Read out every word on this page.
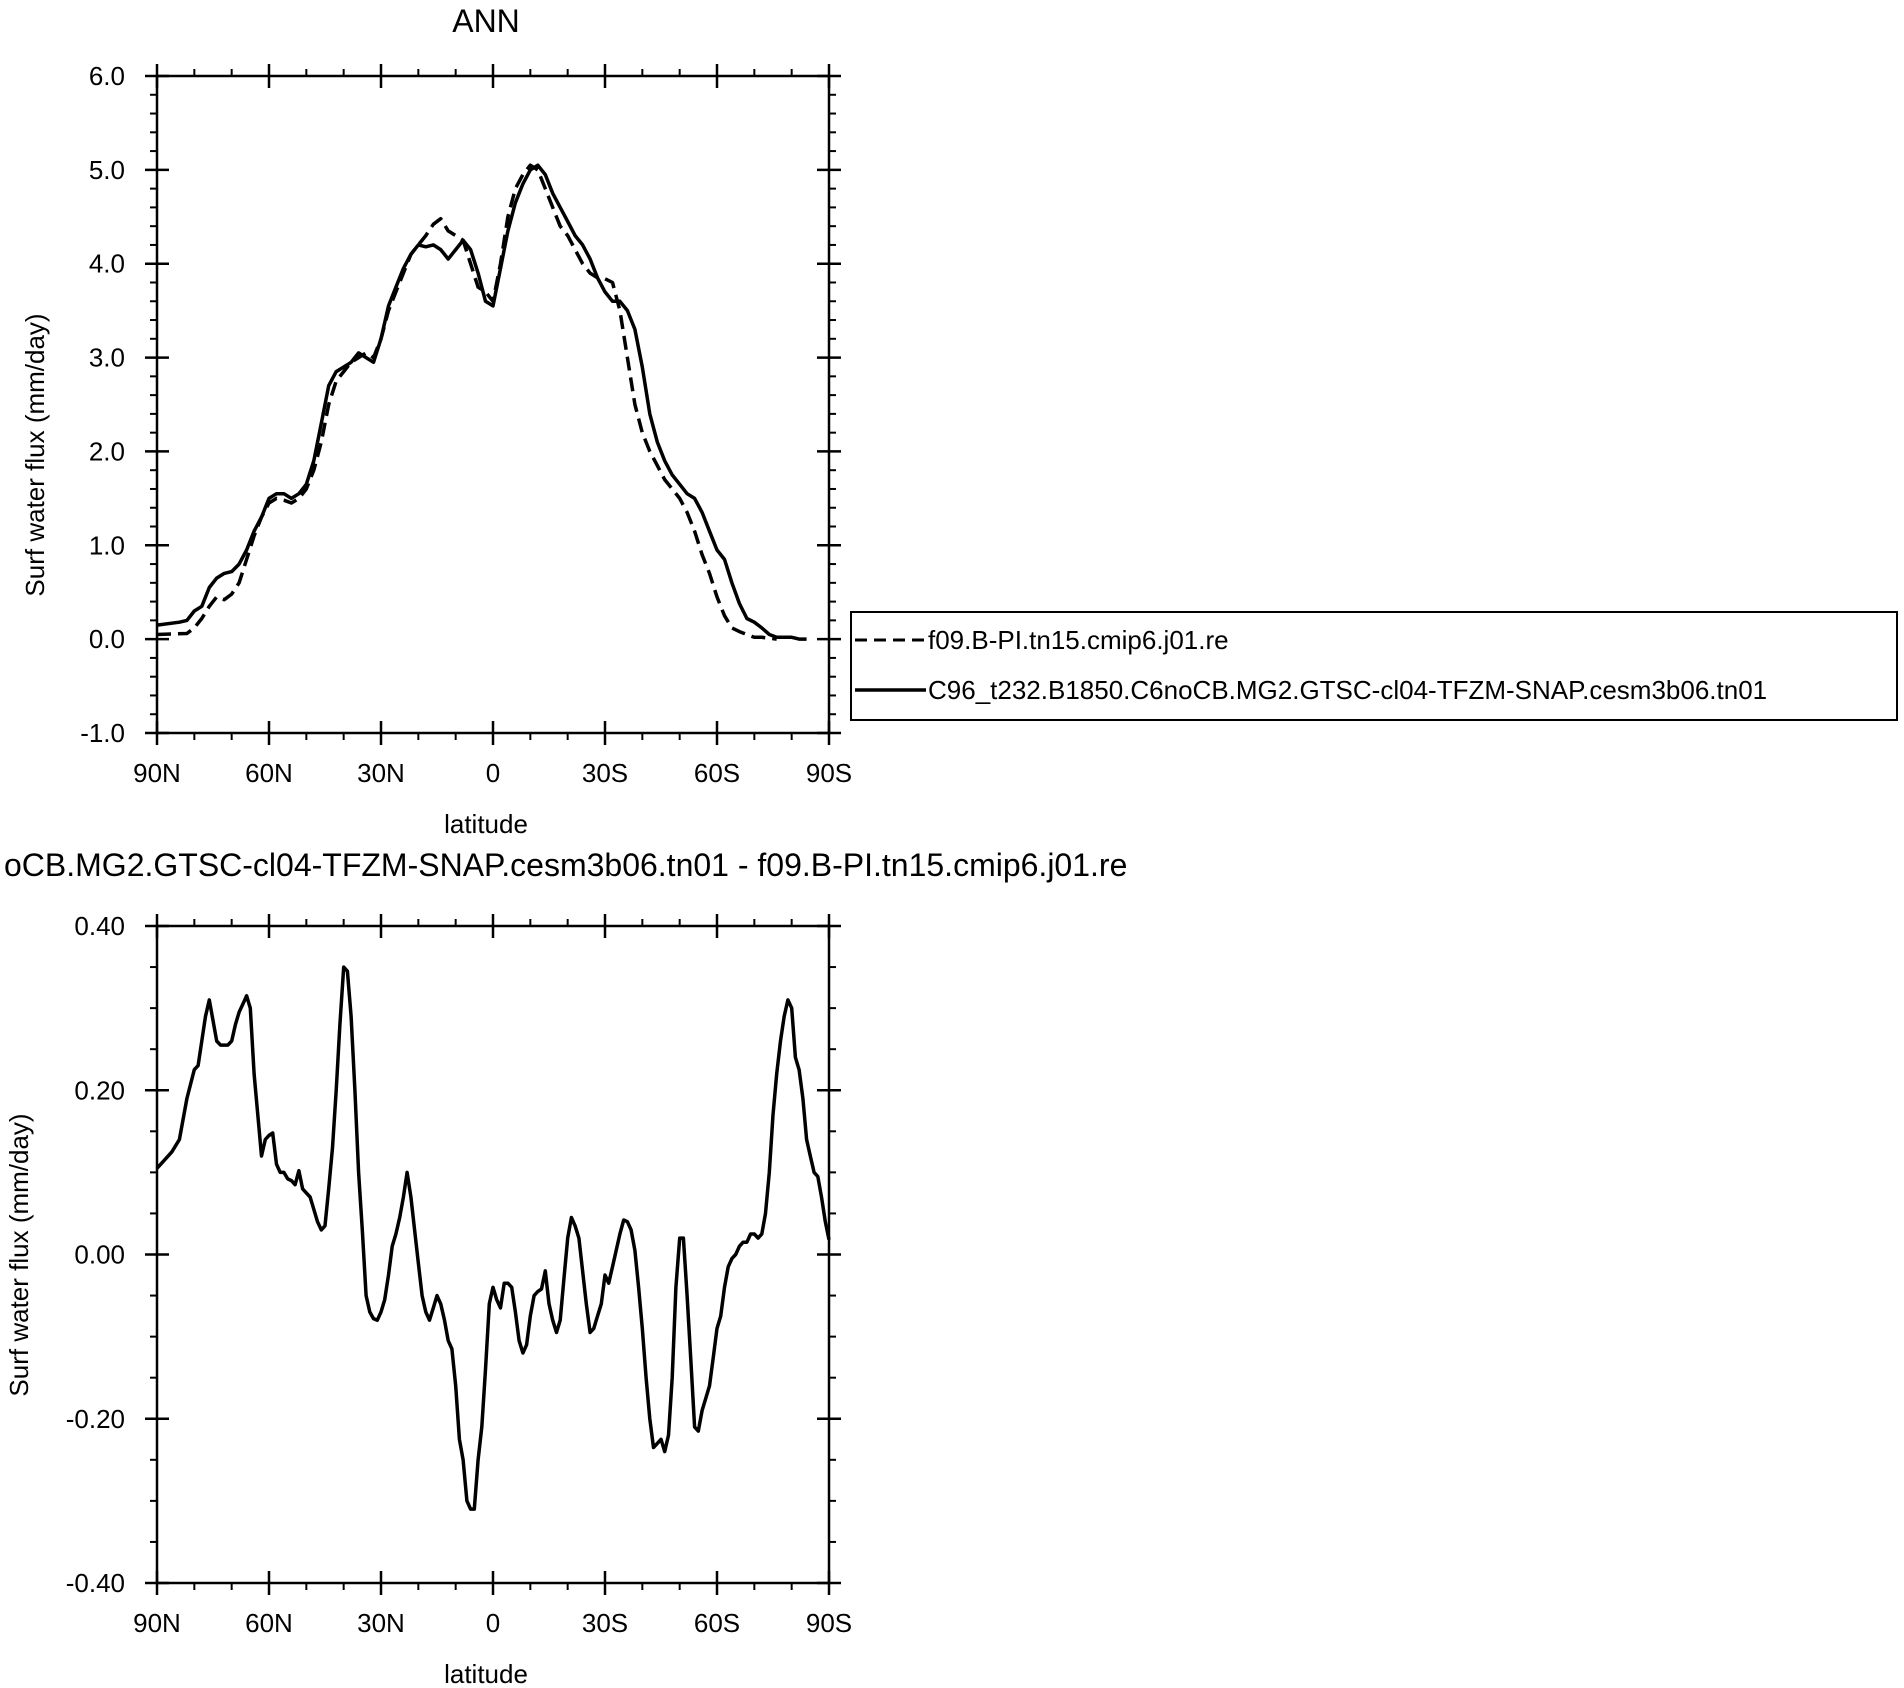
ANN
-1.0
0.0
1.0
2.0
3.0
4.0
5.0
6.0
90N 60N 30N	0	30S	60S	90S
latitude
Surf water flux (mm/day)
f09.B-PI.tn15.cmip6.j01.re
C96_t232.B1850.C6noCB.MG2.GTSC-cl04-TFZM-SNAP.cesm3b06.tn01
oCB.MG2.GTSC-cl04-TFZM-SNAP.cesm3b06.tn01 - f09.B-PI.tn15.cmip6.j01.re
-0.40
-0.20
0.00
0.20
0.40
90N 60N 30N	0	30S	60S	90S
latitude
Surf water flux (mm/day)
